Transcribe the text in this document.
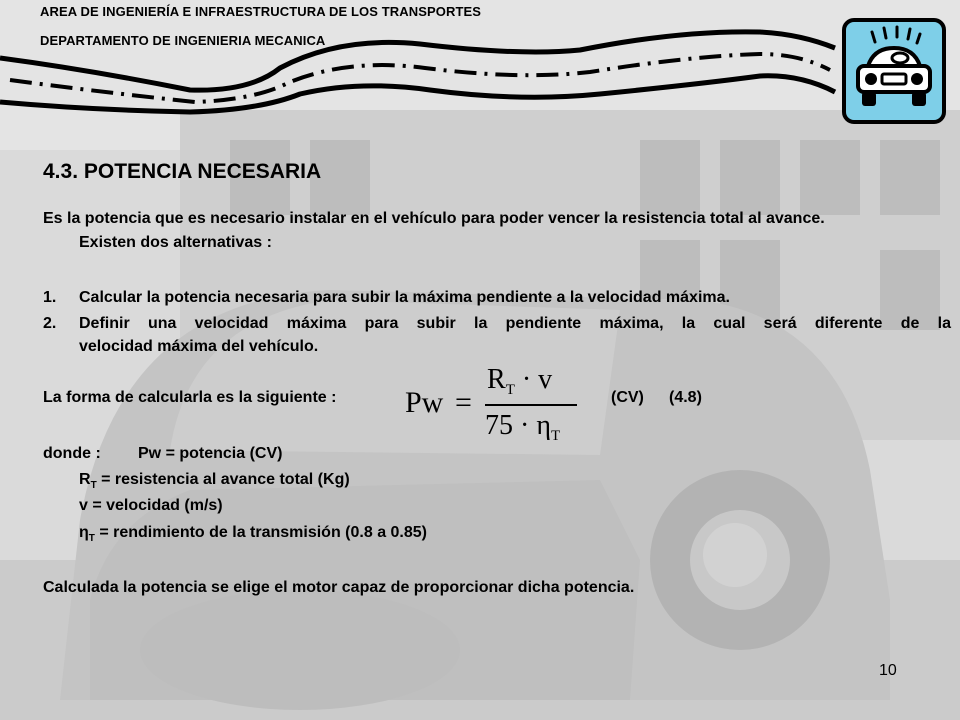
AREA DE INGENIERÍA E INFRAESTRUCTURA DE LOS TRANSPORTES
DEPARTAMENTO DE INGENIERIA MECANICA
4.3. POTENCIA NECESARIA
Es la potencia que es necesario instalar en el vehículo para poder vencer la resistencia total al avance.
Existen dos alternativas :
1. Calcular la potencia necesaria para subir la máxima pendiente a la velocidad máxima.
2. Definir una velocidad máxima para subir la pendiente máxima, la cual será diferente de la
velocidad máxima del vehículo.
La forma de calcularla es la siguiente : Pw =
$R_T \cdot v$
$75 \cdot \eta_T$
(CV) (4.8)
donde : Pw = potencia (CV)
$R_T$ = resistencia al avance total (Kg)
v = velocidad (m/s)
$\eta_T$ = rendimiento de la transmisión (0.8 a 0.85)
Calculada la potencia se elige el motor capaz de proporcionar dicha potencia.
10
